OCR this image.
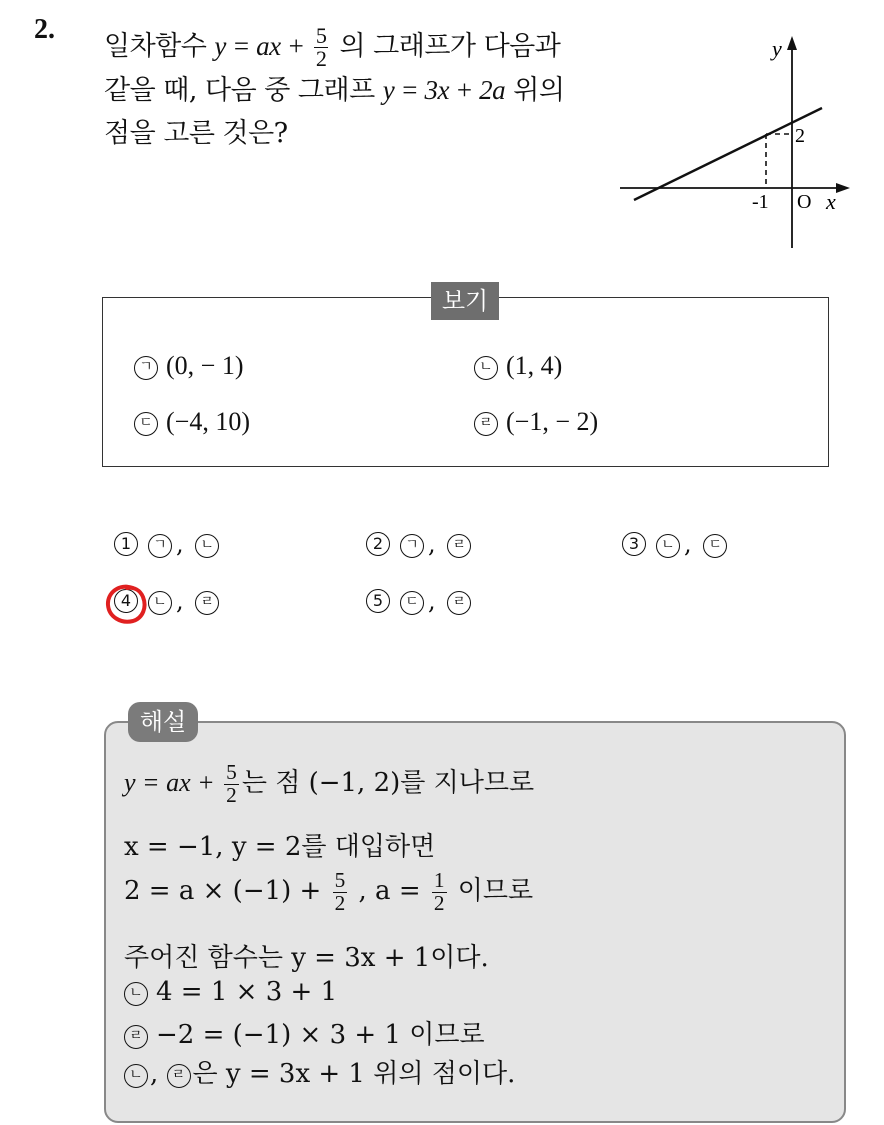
2.
일차함수 y = ax + $\frac{5}{2}$ 의 그래프가 다음과
같을 때, 다음 중 그래프 y = 3x + 2a 위의
점을 고른 것은?
y
x
O
-1
2
보기
ㄱ (0, − 1)	ㄴ (1, 4)
ㄷ (−4, 10)	ㄹ (−1, − 2)
1 ㄱ , ㄴ	2 ㄱ , ㄹ	3 ㄴ , ㄷ
4 ㄴ , ㄹ	5 ㄷ , ㄹ
해설
y = ax + $\frac{5}{2}$ 는 점 (−1, 2)를 지나므로
x = −1, y = 2를 대입하면
$2 = a \times (-1) + \frac{5}{2}$ , $a = \frac{1}{2}$ 이므로
주어진 함수는 y = 3x + 1이다.
ㄴ 4 = 1 × 3 + 1
ㄹ −2 = (−1) × 3 + 1 이므로
ㄴ , ㄹ 은 y = 3x + 1 위의 점이다.
